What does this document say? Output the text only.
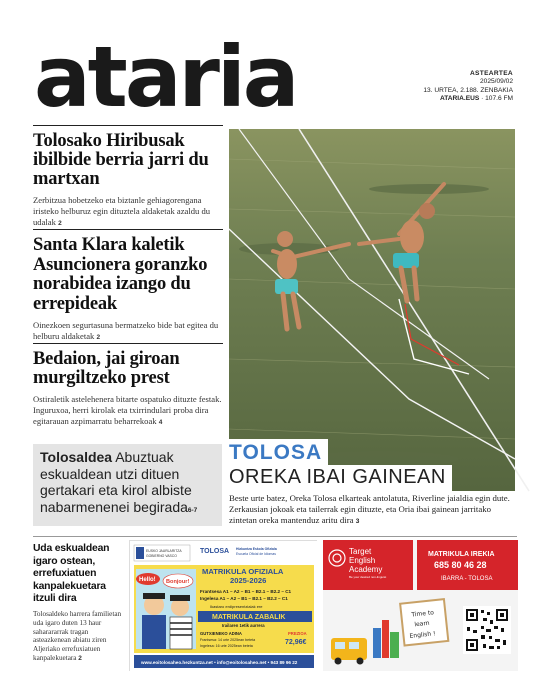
ataria	ASTEARTEA
2025/09/02
13. URTEA, 2.188. ZENBAKIA
ATARIA.EUS · 107.6 FM
Tolosako Hiribusak ibilbide berria jarri du martxan

Zerbitzua hobetzeko eta biztanle gehiagorengana iristeko helburuz egin dituztela aldaketak azaldu du udalak 2

Santa Klara kaletik Asuncionera goranzko norabidea izango du errepideak

Oinezkoen segurtasuna bermatzeko bide bat egitea du helburu aldaketak 2

Bedaion, jai giroan murgiltzeko prest

Ostiraletik astelehenera bitarte ospatuko dituzte festak. Inguruxoa, herri kirolak eta txirrindulari proba dira egitarauan azpimarratu beharrekoak 4

Tolosaldea Abuztuak eskualdean utzi dituen gertakari eta kirol albiste nabarmenenei begirada6-7

TOLOSA
OREKA IBAI GAINEAN

Beste urte batez, Oreka Tolosa elkarteak antolatuta, Riverline jaialdia egin dute. Zerkausian jokoak eta tailerrak egin dituzte, eta Oria ibai gainean jarritako zintetan oreka mantenduz aritu dira 3

Uda eskualdean igaro ostean, errefuxiatuen kanpalekuetara itzuli dira

Tolosaldeko harrera familietan uda igaro duten 13 haur saharararrak tragan asteazkenean abiatu ziren Aljeriako errefuxiatuen kanpalekuetara 2

EUSKO JAURLARITZA
GOBIERNO VASCO
TOLOSA Hizkuntza Eskola Ofiziala
Escuela Oficial de Idiomas
Hello! Bonjour!
MATRIKULA OFIZIALA
2025-2026
Frantsesa A1 – A2 – B1 – B2.1 – B2.2 – C1
Ingelesa A1 – A2 – B1 – B2.1 – B2.2 – C1
Ikastaro erdipresentzialak ere
MATRIKULA ZABALIK
Irailaren 1etik aurrera
GUTXIENEKO ADINA
Frantsesa: 14 urte 2025ean beteta
Ingelesa: 16 urte 2025ean beteta
PREZIOA
72,96€
www.eoitolosaheo.hezkuntza.net • info@eoitolosaheo.net • 943 89 96 22
Target
English
Academy
Be your desired non-linguist
MATRIKULA IREKIA
685 80 46 28
IBARRA - TOLOSA
Time to
learn
English !
